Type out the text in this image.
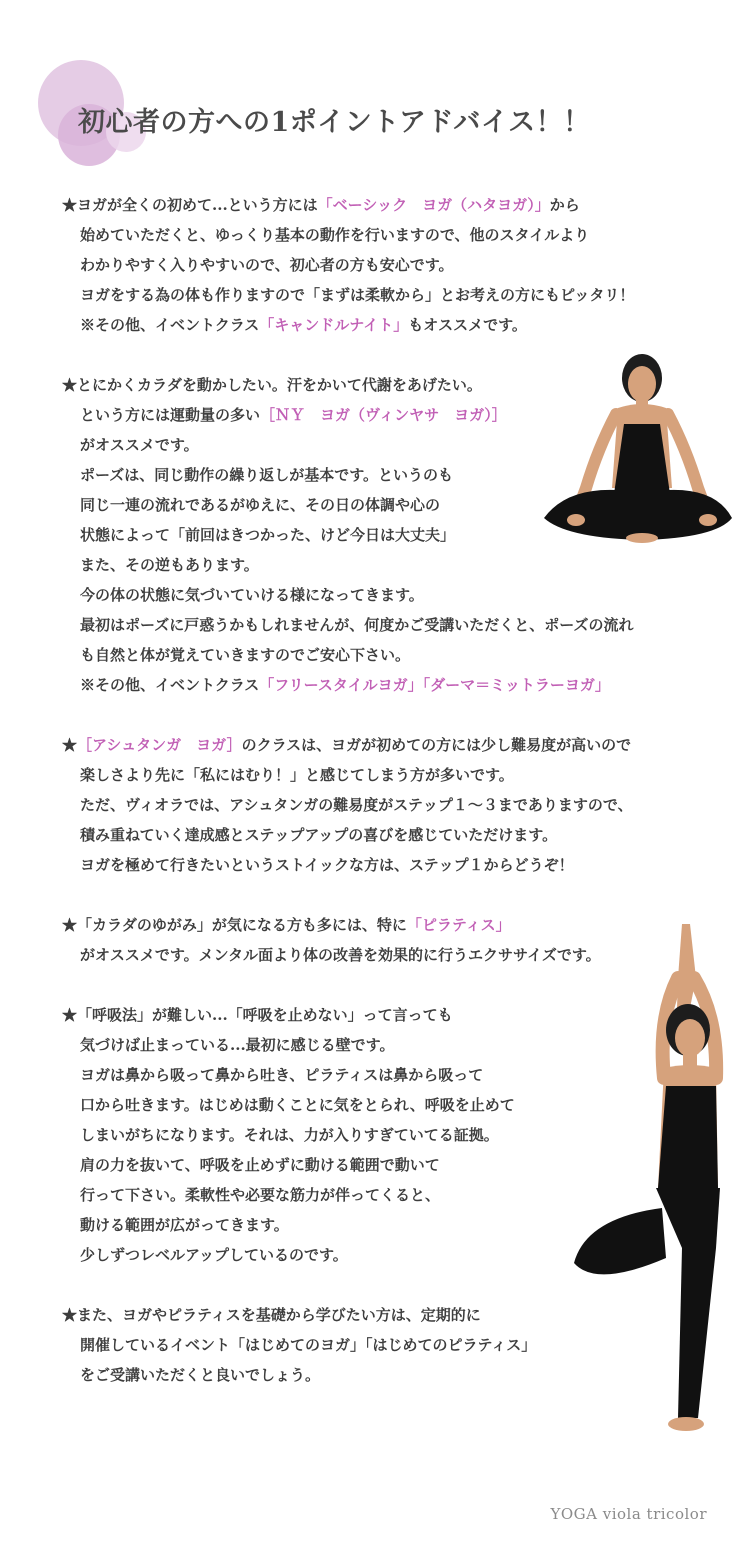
初心者の方への1ポイントアドバイス！！
★ヨガが全くの初めて...という方には「ベーシック　ヨガ（ハタヨガ）」から
始めていただくと、ゆっくり基本の動作を行いますので、他のスタイルより
わかりやすく入りやすいので、初心者の方も安心です。
ヨガをする為の体も作りますので「まずは柔軟から」とお考えの方にもピッタリ！
※その他、イベントクラス「キャンドルナイト」もオススメです。
★とにかくカラダを動かしたい。汗をかいて代謝をあげたい。
という方には運動量の多い［ＮＹ　ヨガ（ヴィンヤサ　ヨガ）］
がオススメです。
ポーズは、同じ動作の繰り返しが基本です。というのも
同じ一連の流れであるがゆえに、その日の体調や心の
状態によって「前回はきつかった、けど今日は大丈夫」
また、その逆もあります。
今の体の状態に気づいていける様になってきます。
最初はポーズに戸惑うかもしれませんが、何度かご受講いただくと、ポーズの流れ
も自然と体が覚えていきますのでご安心下さい。
※その他、イベントクラス「フリースタイルヨガ」「ダーマ＝ミットラーヨガ」
★［アシュタンガ　ヨガ］のクラスは、ヨガが初めての方には少し難易度が高いので
楽しさより先に「私にはむり！」と感じてしまう方が多いです。
ただ、ヴィオラでは、アシュタンガの難易度がステップ１～３までありますので、
積み重ねていく達成感とステップアップの喜びを感じていただけます。
ヨガを極めて行きたいというストイックな方は、ステップ１からどうぞ！
★「カラダのゆがみ」が気になる方も多には、特に「ピラティス」
がオススメです。メンタル面より体の改善を効果的に行うエクササイズです。
★「呼吸法」が難しい...「呼吸を止めない」って言っても
気づけば止まっている...最初に感じる壁です。
ヨガは鼻から吸って鼻から吐き、ピラティスは鼻から吸って
口から吐きます。はじめは動くことに気をとられ、呼吸を止めて
しまいがちになります。それは、力が入りすぎていてる証拠。
肩の力を抜いて、呼吸を止めずに動ける範囲で動いて
行って下さい。柔軟性や必要な筋力が伴ってくると、
動ける範囲が広がってきます。
少しずつレベルアップしているのです。
★また、ヨガやピラティスを基礎から学びたい方は、定期的に
開催しているイベント「はじめてのヨガ」「はじめてのピラティス」
をご受講いただくと良いでしょう。
YOGA viola tricolor
